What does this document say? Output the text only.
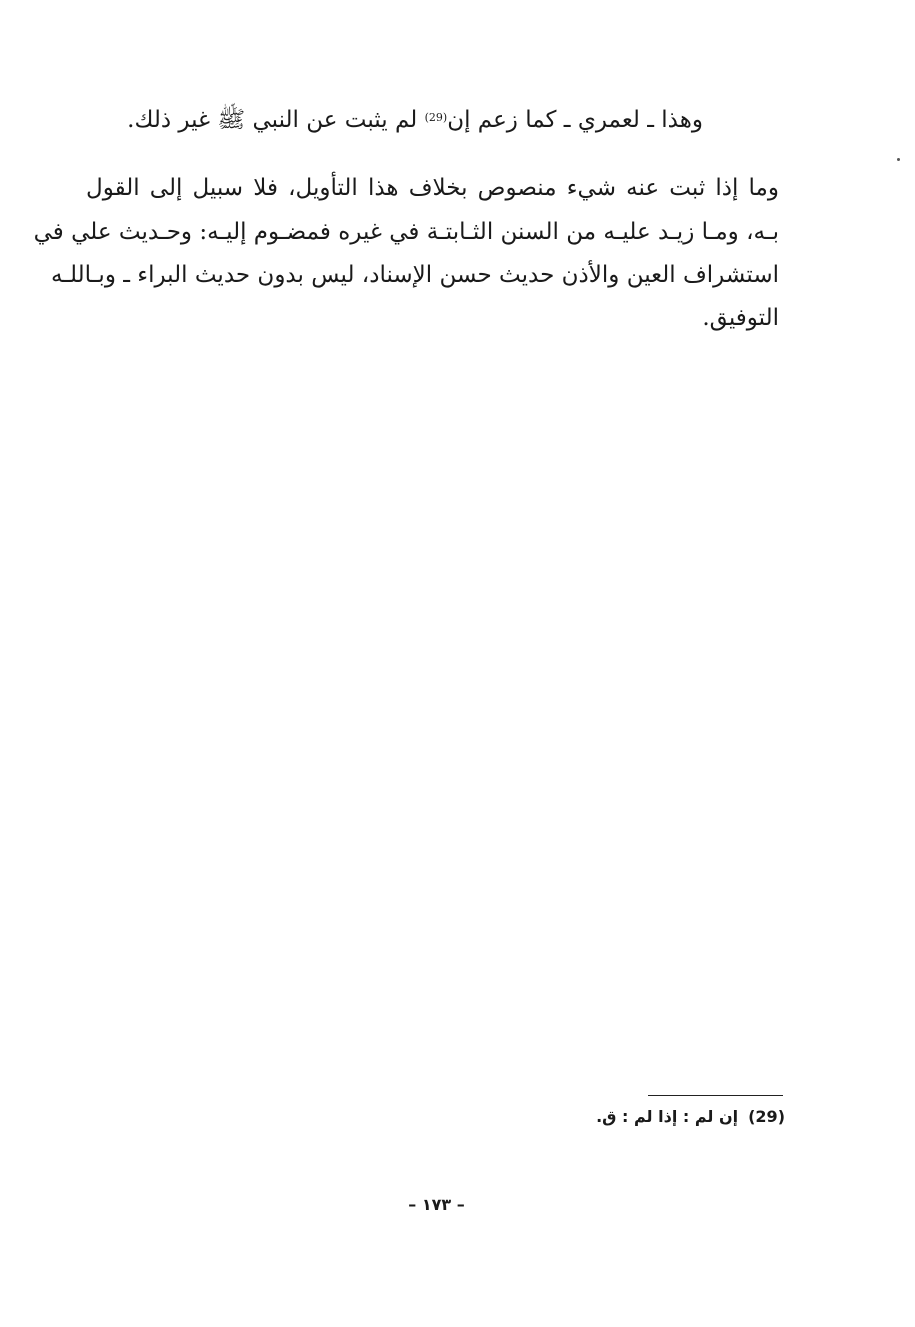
وهذا ـ لعمري ـ كما زعم إن$^{(29)}$ لم يثبت عن النبي ﷺ غير ذلك.
وما إذا ثبت عنه شيء منصوص بخلاف هذا التأويل، فلا سبيل إلى القول
بـه، ومـا زيـد عليـه من السنن الثـابتـة في غيره فمضـوم إليـه: وحـديث علي في
استشراف العين والأذن حديث حسن الإسناد، ليس بدون حديث البراء ـ وبـاللـه
التوفيق.
(29)إن لم : إذا لم : ق.
– ١٧٣ –
